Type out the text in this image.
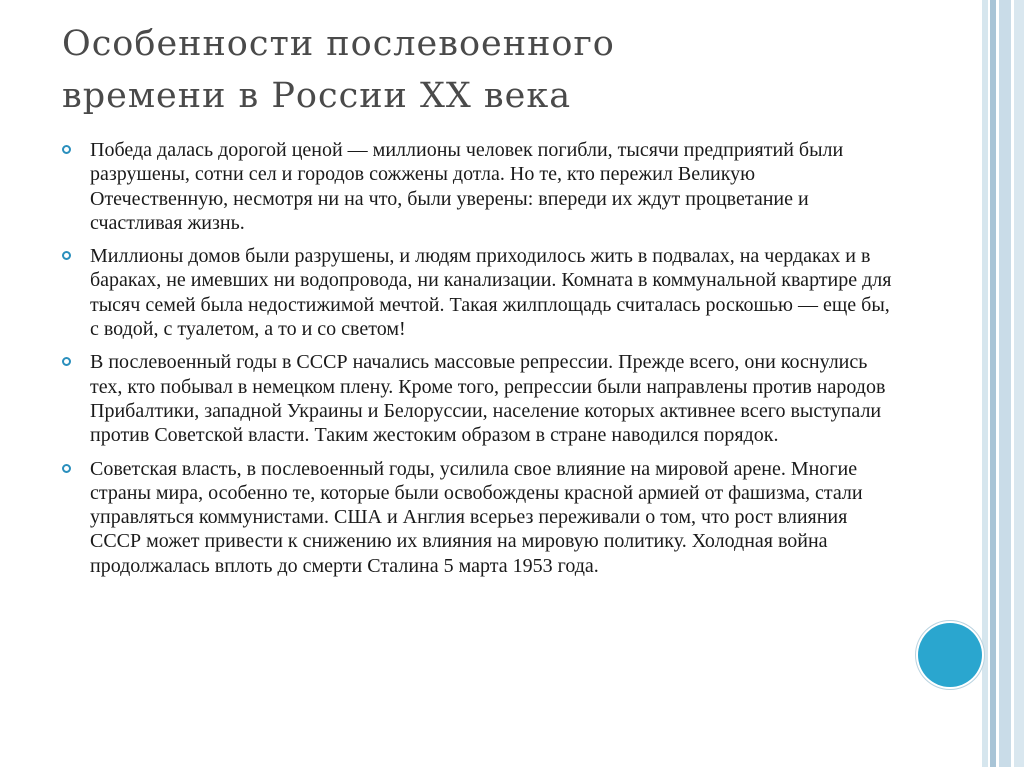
Особенности послевоенного
времени в России XX века
Победа далась дорогой ценой — миллионы человек погибли, тысячи предприятий были разрушены, сотни сел и городов сожжены дотла. Но те, кто пережил Великую Отечественную, несмотря ни на что, были уверены: впереди их ждут процветание и счастливая жизнь.
Миллионы домов были разрушены, и людям приходилось жить в подвалах, на чердаках и в бараках, не имевших ни водопровода, ни канализации. Комната в коммунальной квартире для тысяч семей была недостижимой мечтой. Такая жилплощадь считалась роскошью — еще бы, с водой, с туалетом, а то и со светом!
В послевоенный годы в СССР начались массовые репрессии. Прежде всего, они коснулись тех, кто побывал в немецком плену. Кроме того, репрессии были направлены против народов Прибалтики, западной Украины и Белоруссии, население которых активнее всего выступали против Советской власти. Таким жестоким образом в стране наводился порядок.
Советская власть, в послевоенный годы, усилила свое влияние на мировой арене. Многие страны мира, особенно те, которые были освобождены красной армией от фашизма, стали управляться коммунистами. США и Англия всерьез переживали о том, что рост влияния СССР может привести к снижению их влияния на мировую политику. Холодная война продолжалась вплоть до смерти Сталина 5 марта 1953 года.
